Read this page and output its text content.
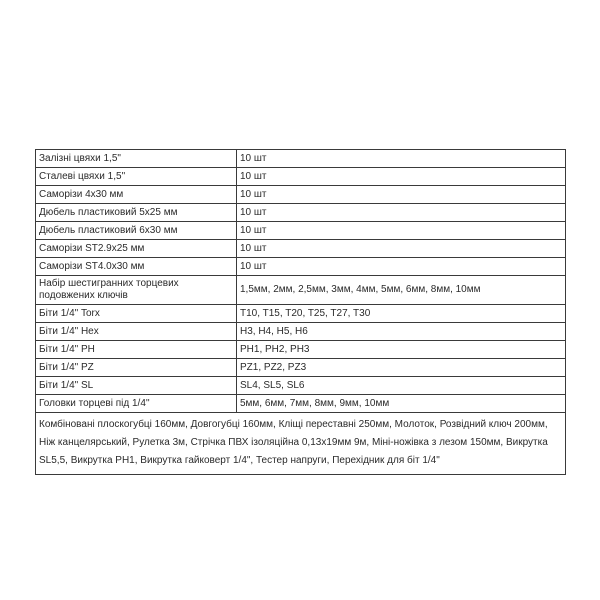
Залізні цвяхи 1,5"	10 шт
Сталеві цвяхи 1,5"	10 шт
Саморізи 4х30 мм	10 шт
Дюбель пластиковий 5х25 мм	10 шт
Дюбель пластиковий 6х30 мм	10 шт
Саморізи ST2.9х25 мм	10 шт
Саморізи ST4.0х30 мм	10 шт
Набір шестигранних торцевих подовжених ключів	1,5мм, 2мм, 2,5мм, 3мм, 4мм, 5мм, 6мм, 8мм, 10мм
Біти 1/4" Torx	T10, T15, T20, T25, T27, T30
Біти 1/4" Hex	H3, H4, H5, H6
Біти 1/4" PH	PH1, PH2, PH3
Біти 1/4" PZ	PZ1, PZ2, PZ3
Біти 1/4" SL	SL4, SL5, SL6
Головки торцеві під 1/4''	5мм, 6мм, 7мм, 8мм, 9мм, 10мм
Комбіновані плоскогубці 160мм, Довгогубці 160мм, Кліщі переставні 250мм, Молоток, Розвідний ключ 200мм, Ніж канцелярський, Рулетка 3м, Стрічка ПВХ ізоляційна 0,13х19мм 9м, Міні-ножівка з лезом 150мм, Викрутка SL5,5, Викрутка PH1, Викрутка гайковерт 1/4", Тестер напруги, Перехідник для біт 1/4"	
